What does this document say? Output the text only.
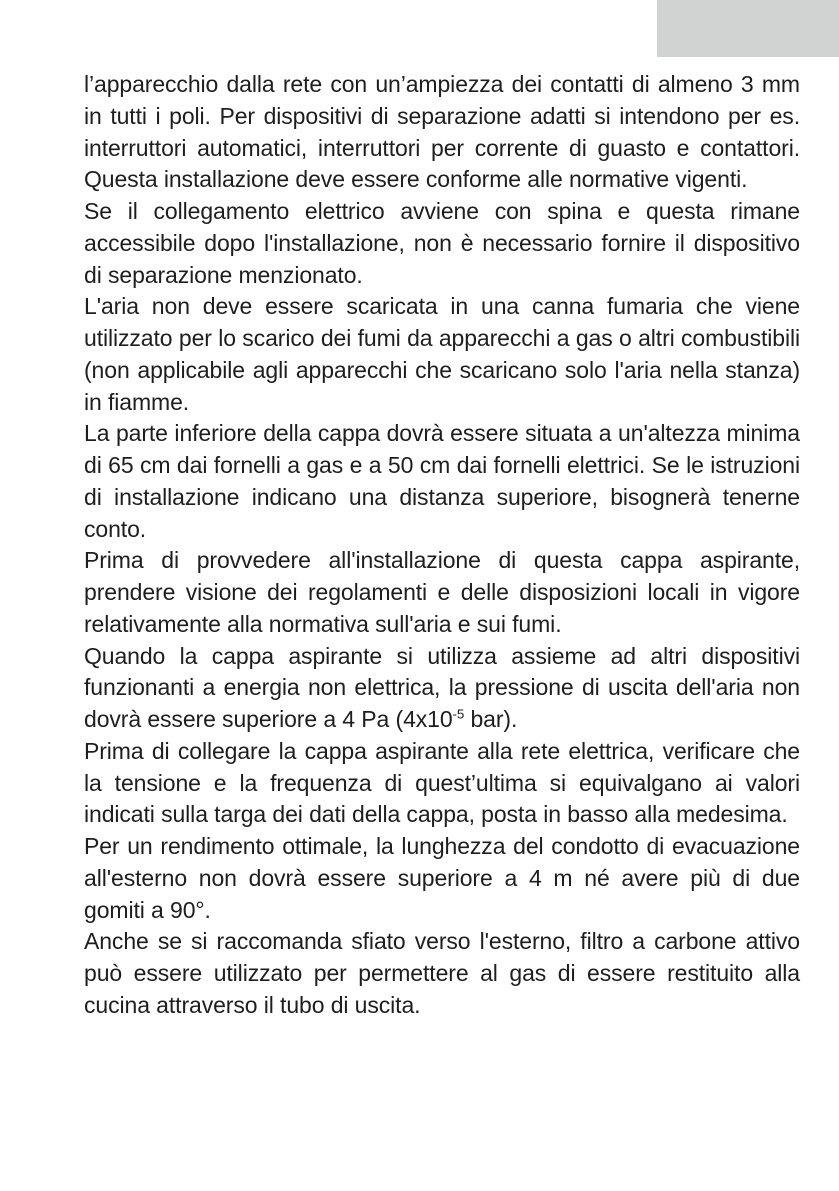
l’apparecchio dalla rete con un’ampiezza dei contatti di almeno 3 mm in tutti i poli. Per dispositivi di separazione adatti si intendono per es. interruttori automatici, interruttori per corrente di guasto e contattori. Questa installazione deve essere conforme alle normative vigenti.

Se il collegamento elettrico avviene con spina e questa rimane accessibile dopo l'installazione, non è necessario fornire il dispositivo di separazione menzionato.

L'aria non deve essere scaricata in una canna fumaria che viene utilizzato per lo scarico dei fumi da apparecchi a gas o altri combustibili (non applicabile agli apparecchi che scaricano solo l'aria nella stanza) in fiamme.

La parte inferiore della cappa dovrà essere situata a un'altezza minima di 65 cm dai fornelli a gas e a 50 cm dai fornelli elettrici. Se le istruzioni di installazione indicano una distanza superiore, bisognerà tenerne conto.

Prima di provvedere all'installazione di questa cappa aspirante, prendere visione dei regolamenti e delle disposizioni locali in vigore relativamente alla normativa sull'aria e sui fumi.

Quando la cappa aspirante si utilizza assieme ad altri dispositivi funzionanti a energia non elettrica, la pressione di uscita dell'aria non dovrà essere superiore a 4 Pa ($4x10^{-5}$ bar).

Prima di collegare la cappa aspirante alla rete elettrica, verificare che la tensione e la frequenza di quest’ultima si equivalgano ai valori indicati sulla targa dei dati della cappa, posta in basso alla medesima.

Per un rendimento ottimale, la lunghezza del condotto di evacuazione all'esterno non dovrà essere superiore a 4 m né avere più di due gomiti a 90°.

Anche se si raccomanda sfiato verso l'esterno, filtro a carbone attivo può essere utilizzato per permettere al gas di essere restituito alla cucina attraverso il tubo di uscita.
